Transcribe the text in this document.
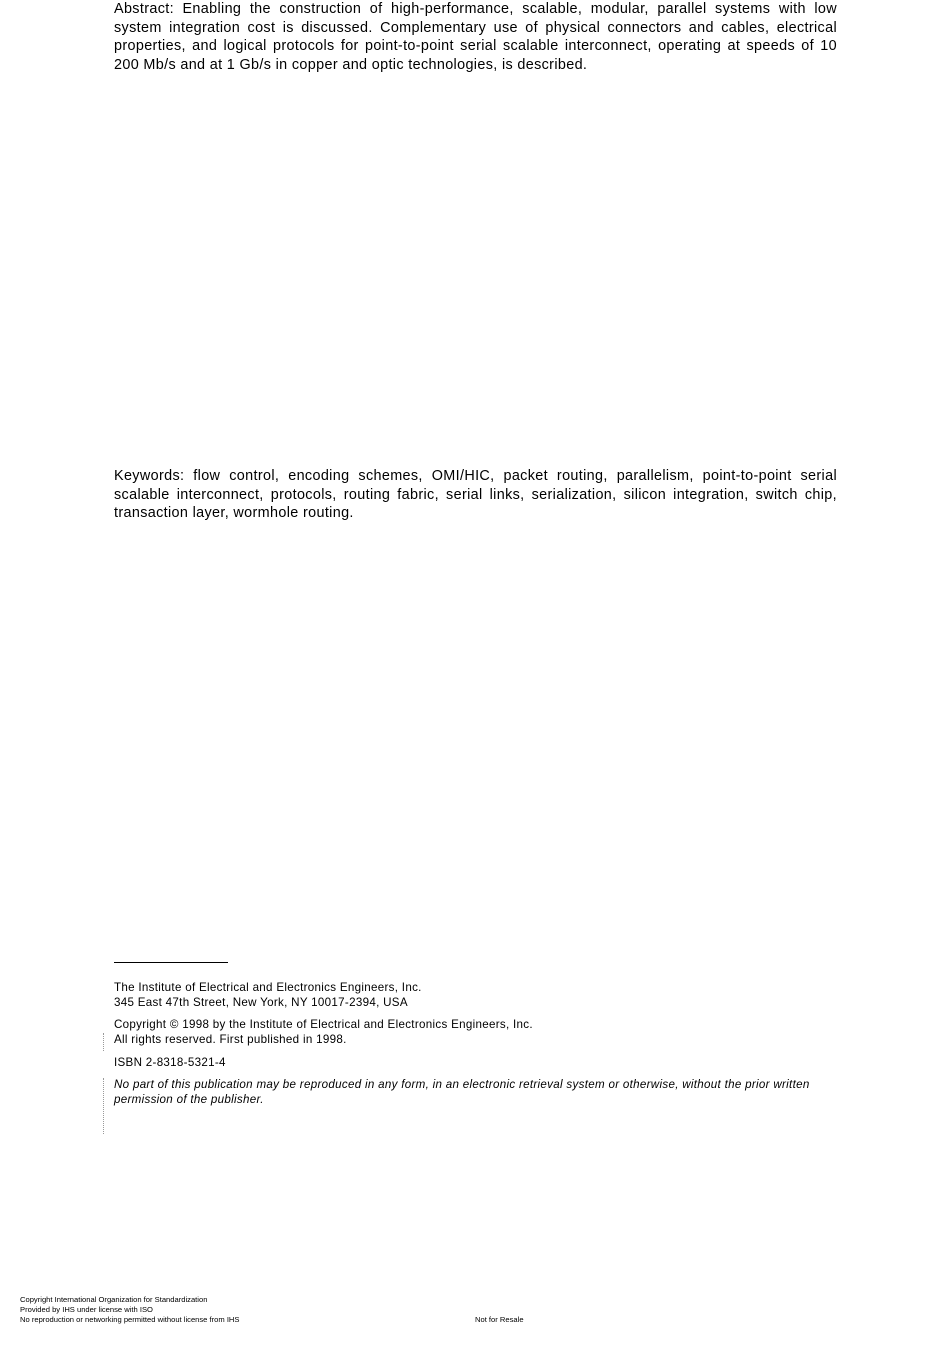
Abstract: Enabling the construction of high-performance, scalable, modular, parallel systems with low system integration cost is discussed. Complementary use of physical connectors and cables, electrical properties, and logical protocols for point-to-point serial scalable interconnect, operating at speeds of 10 200 Mb/s and at 1 Gb/s in copper and optic technologies, is described.

Keywords: flow control, encoding schemes, OMI/HIC, packet routing, parallelism, point-to-point serial scalable interconnect, protocols, routing fabric, serial links, serialization, silicon integration, switch chip, transaction layer, wormhole routing.

The Institute of Electrical and Electronics Engineers, Inc.
345 East 47th Street, New York, NY 10017-2394, USA
Copyright © 1998 by the Institute of Electrical and Electronics Engineers, Inc.
All rights reserved. First published in 1998.
ISBN 2-8318-5321-4
No part of this publication may be reproduced in any form, in an electronic retrieval system or otherwise, without the prior written permission of the publisher.
Copyright International Organization for Standardization
Provided by IHS under license with ISO
No reproduction or networking permitted without license from IHS	Not for Resale
